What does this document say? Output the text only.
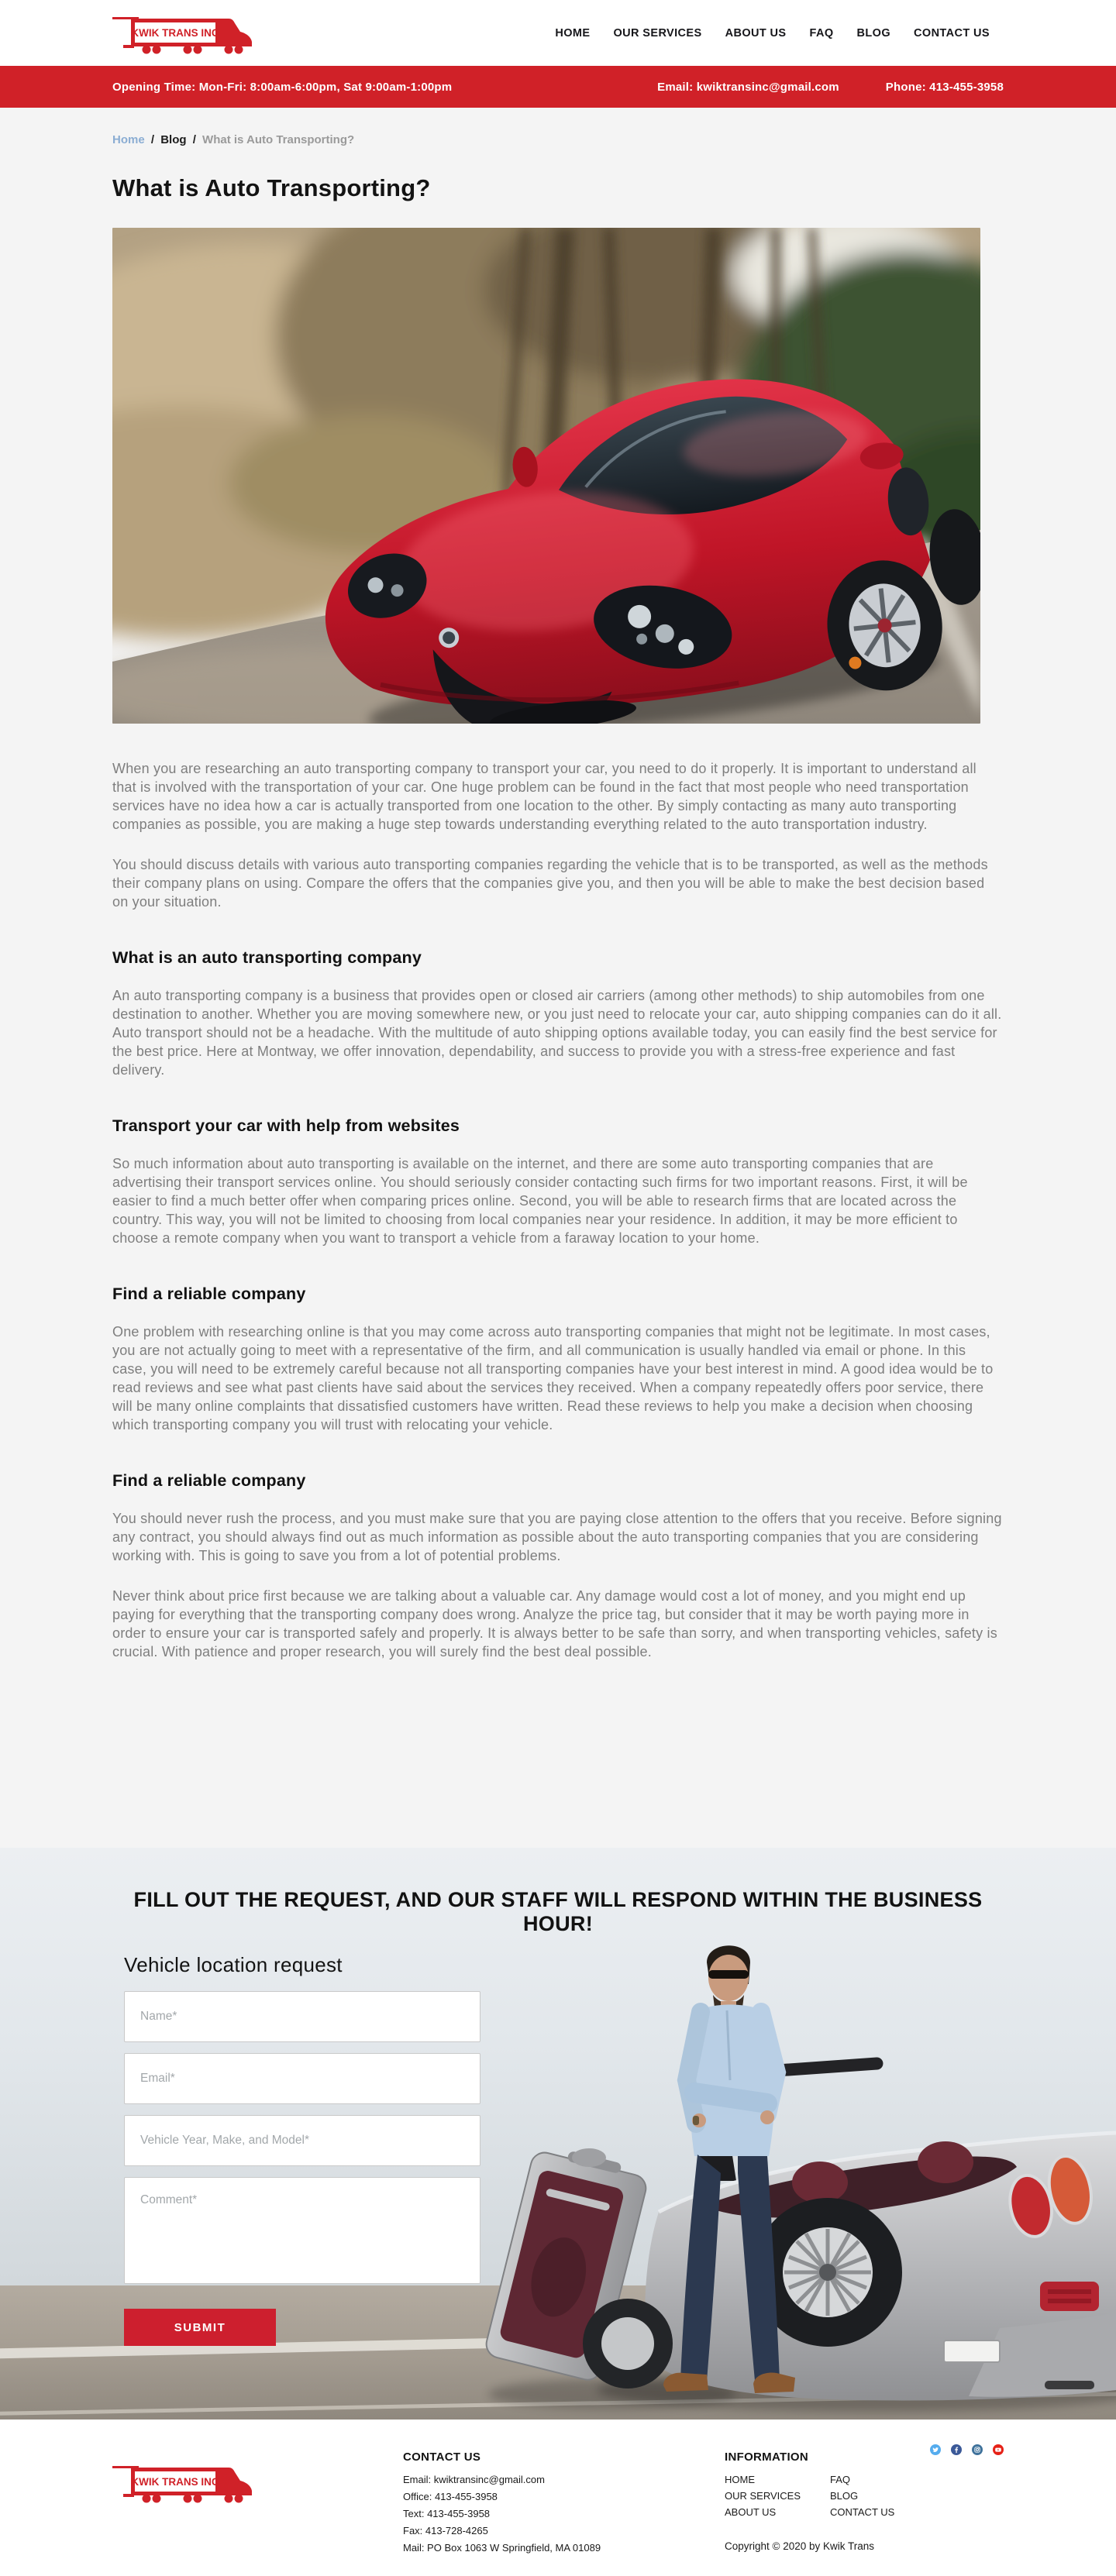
KWIK TRANS INC	HOME OUR SERVICES ABOUT US FAQ BLOG CONTACT US
Opening Time: Mon-Fri: 8:00am-6:00pm, Sat 9:00am-1:00pm	Email: kwiktransinc@gmail.com	Phone: 413-455-3958
Home / Blog / What is Auto Transporting?
What is Auto Transporting?

When you are researching an auto transporting company to transport your car, you need to do it properly. It is important to understand all that is involved with the transportation of your car. One huge problem can be found in the fact that most people who need transportation services have no idea how a car is actually transported from one location to the other. By simply contacting as many auto transporting companies as possible, you are making a huge step towards understanding everything related to the auto transportation industry.

You should discuss details with various auto transporting companies regarding the vehicle that is to be transported, as well as the methods their company plans on using. Compare the offers that the companies give you, and then you will be able to make the best decision based on your situation.

What is an auto transporting company

An auto transporting company is a business that provides open or closed air carriers (among other methods) to ship automobiles from one destination to another. Whether you are moving somewhere new, or you just need to relocate your car, auto shipping companies can do it all. Auto transport should not be a headache. With the multitude of auto shipping options available today, you can easily find the best service for the best price. Here at Montway, we offer innovation, dependability, and success to provide you with a stress-free experience and fast delivery.

Transport your car with help from websites

So much information about auto transporting is available on the internet, and there are some auto transporting companies that are advertising their transport services online. You should seriously consider contacting such firms for two important reasons. First, it will be easier to find a much better offer when comparing prices online. Second, you will be able to research firms that are located across the country. This way, you will not be limited to choosing from local companies near your residence. In addition, it may be more efficient to choose a remote company when you want to transport a vehicle from a faraway location to your home.

Find a reliable company

One problem with researching online is that you may come across auto transporting companies that might not be legitimate. In most cases, you are not actually going to meet with a representative of the firm, and all communication is usually handled via email or phone. In this case, you will need to be extremely careful because not all transporting companies have your best interest in mind. A good idea would be to read reviews and see what past clients have said about the services they received. When a company repeatedly offers poor service, there will be many online complaints that dissatisfied customers have written. Read these reviews to help you make a decision when choosing which transporting company you will trust with relocating your vehicle.

Find a reliable company

You should never rush the process, and you must make sure that you are paying close attention to the offers that you receive. Before signing any contract, you should always find out as much information as possible about the auto transporting companies that you are considering working with. This is going to save you from a lot of potential problems.

Never think about price first because we are talking about a valuable car. Any damage would cost a lot of money, and you might end up paying for everything that the transporting company does wrong. Analyze the price tag, but consider that it may be worth paying more in order to ensure your car is transported safely and properly. It is always better to be safe than sorry, and when transporting vehicles, safety is crucial. With patience and proper research, you will surely find the best deal possible.

FILL OUT THE REQUEST, AND OUR STAFF WILL RESPOND WITHIN THE BUSINESS HOUR!
Vehicle location request
Name*
Email*
Vehicle Year, Make, and Model*
Comment* SUBMIT
KWIK TRANS INC
CONTACT US
Email: kwiktransinc@gmail.com
Office: 413-455-3958
Text: 413-455-3958
Fax: 413-728-4265
Mail: PO Box 1063 W Springfield, MA 01089
INFORMATION
HOME
OUR SERVICES
ABOUT US
FAQ
BLOG
CONTACT US
Copyright © 2020 by Kwik Trans
